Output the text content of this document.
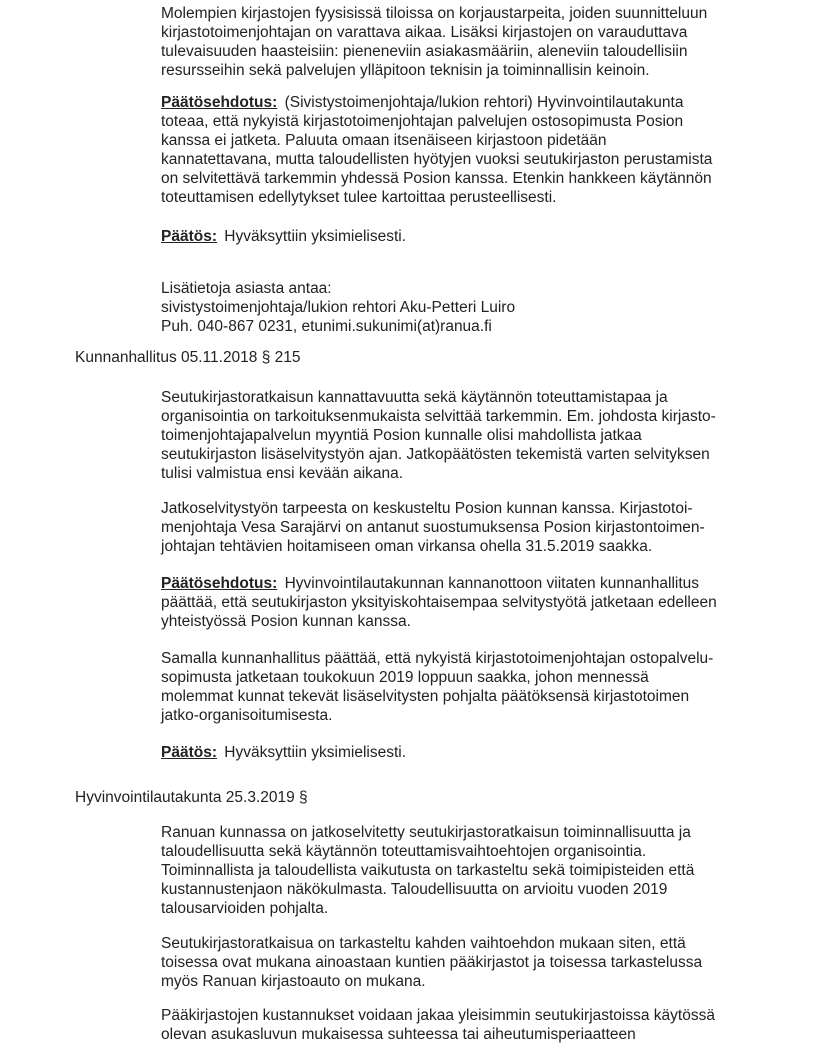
Molempien kirjastojen fyysisissä tiloissa on korjaustarpeita, joiden suunnitteluun
kirjastotoimenjohtajan on varattava aikaa. Lisäksi kirjastojen on varauduttava
tulevaisuuden haasteisiin: pieneneviin asiakasmääriin, aleneviin taloudellisiin
resursseihin sekä palvelujen ylläpitoon teknisin ja toiminnallisin keinoin.
Päätösehdotus: (Sivistystoimenjohtaja/lukion rehtori) Hyvinvointilautakunta
toteaa, että nykyistä kirjastotoimenjohtajan palvelujen ostosopimusta Posion
kanssa ei jatketa. Paluuta omaan itsenäiseen kirjastoon pidetään
kannatettavana, mutta taloudellisten hyötyjen vuoksi seutukirjaston perustamista
on selvitettävä tarkemmin yhdessä Posion kanssa. Etenkin hankkeen käytännön
toteuttamisen edellytykset tulee kartoittaa perusteellisesti.
Päätös: Hyväksyttiin yksimielisesti.
Lisätietoja asiasta antaa:
sivistystoimenjohtaja/lukion rehtori Aku-Petteri Luiro
Puh. 040-867 0231, etunimi.sukunimi(at)ranua.fi
Kunnanhallitus 05.11.2018 § 215
Seutukirjastoratkaisun kannattavuutta sekä käytännön toteuttamistapaa ja
organisointia on tarkoituksenmukaista selvittää tarkemmin. Em. johdosta kirjasto-
toimenjohtajapalvelun myyntiä Posion kunnalle olisi mahdollista jatkaa
seutukirjaston lisäselvitystyön ajan. Jatkopäätösten tekemistä varten selvityksen
tulisi valmistua ensi kevään aikana.
Jatkoselvitystyön tarpeesta on keskusteltu Posion kunnan kanssa. Kirjastotoi-
menjohtaja Vesa Sarajärvi on antanut suostumuksensa Posion kirjastontoimen-
johtajan tehtävien hoitamiseen oman virkansa ohella 31.5.2019 saakka.
Päätösehdotus: Hyvinvointilautakunnan kannanottoon viitaten kunnanhallitus
päättää, että seutukirjaston yksityiskohtaisempaa selvitystyötä jatketaan edelleen
yhteistyössä Posion kunnan kanssa.
Samalla kunnanhallitus päättää, että nykyistä kirjastotoimenjohtajan ostopalvelu-
sopimusta jatketaan toukokuun 2019 loppuun saakka, johon mennessä
molemmat kunnat tekevät lisäselvitysten pohjalta päätöksensä kirjastotoimen
jatko-organisoitumisesta.
Päätös: Hyväksyttiin yksimielisesti.
Hyvinvointilautakunta 25.3.2019 §
Ranuan kunnassa on jatkoselvitetty seutukirjastoratkaisun toiminnallisuutta ja
taloudellisuutta sekä käytännön toteuttamisvaihtoehtojen organisointia.
Toiminnallista ja taloudellista vaikutusta on tarkasteltu sekä toimipisteiden että
kustannustenjaon näkökulmasta. Taloudellisuutta on arvioitu vuoden 2019
talousarvioiden pohjalta.
Seutukirjastoratkaisua on tarkasteltu kahden vaihtoehdon mukaan siten, että
toisessa ovat mukana ainoastaan kuntien pääkirjastot ja toisessa tarkastelussa
myös Ranuan kirjastoauto on mukana.
Pääkirjastojen kustannukset voidaan jakaa yleisimmin seutukirjastoissa käytössä
olevan asukasluvun mukaisessa suhteessa tai aiheutumisperiaatteen
